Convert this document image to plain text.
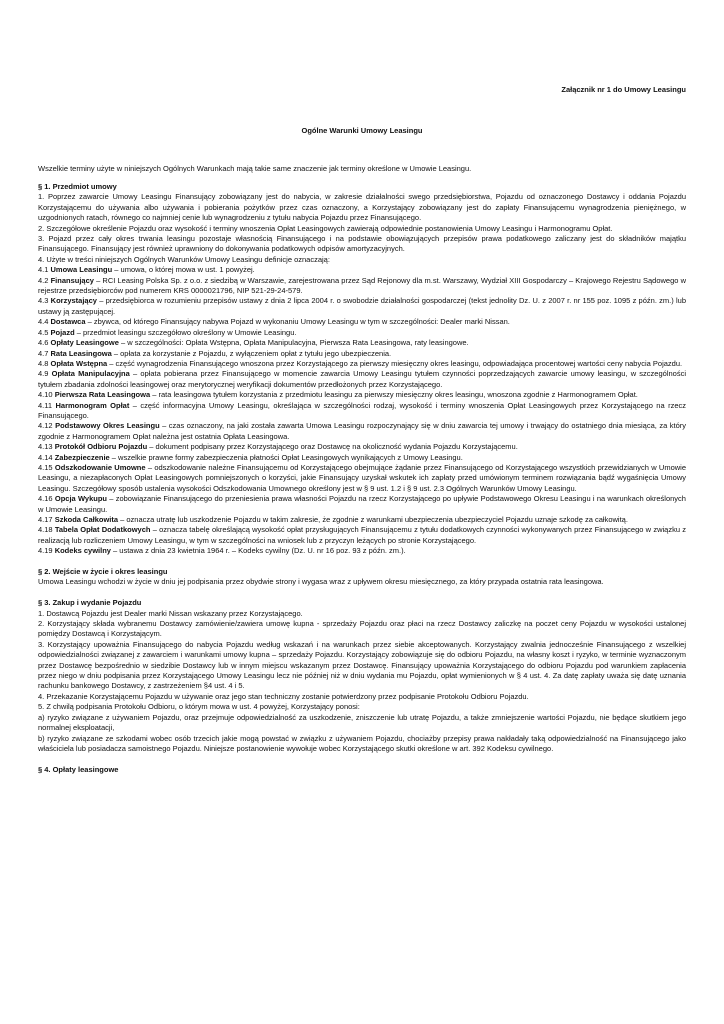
Załącznik nr 1 do Umowy Leasingu
Ogólne Warunki Umowy Leasingu
Wszelkie terminy użyte w niniejszych Ogólnych Warunkach mają takie same znaczenie jak terminy określone w Umowie Leasingu.

§ 1. Przedmiot umowy

1. Poprzez zawarcie Umowy Leasingu Finansujący zobowiązany jest do nabycia, w zakresie działalności swego przedsiębiorstwa, Pojazdu od oznaczonego Dostawcy i oddania Pojazdu Korzystającemu do używania albo używania i pobierania pożytków przez czas oznaczony, a Korzystający zobowiązany jest do zapłaty Finansującemu wynagrodzenia pieniężnego, w uzgodnionych ratach, równego co najmniej cenie lub wynagrodzeniu z tytułu nabycia Pojazdu przez Finansującego.

2. Szczegółowe określenie Pojazdu oraz wysokość i terminy wnoszenia Opłat Leasingowych zawierają odpowiednie postanowienia Umowy Leasingu i Harmonogramu Opłat.

3. Pojazd przez cały okres trwania leasingu pozostaje własnością Finansującego i na podstawie obowiązujących przepisów prawa podatkowego zaliczany jest do składników majątku Finansującego. Finansujący jest również uprawniony do dokonywania podatkowych odpisów amortyzacyjnych.

4. Użyte w treści niniejszych Ogólnych Warunków Umowy Leasingu definicje oznaczają:

4.1 Umowa Leasingu – umowa, o której mowa w ust. 1 powyżej.

4.2 Finansujący – RCI Leasing Polska Sp. z o.o. z siedzibą w Warszawie, zarejestrowana przez Sąd Rejonowy dla m.st. Warszawy, Wydział XIII Gospodarczy – Krajowego Rejestru Sądowego w rejestrze przedsiębiorców pod numerem KRS 0000021796, NIP 521-29-24-579.

4.3 Korzystający – przedsiębiorca w rozumieniu przepisów ustawy z dnia 2 lipca 2004 r. o swobodzie działalności gospodarczej (tekst jednolity Dz. U. z 2007 r. nr 155 poz. 1095 z późn. zm.) lub ustawy ją zastępującej.

4.4 Dostawca – zbywca, od którego Finansujący nabywa Pojazd w wykonaniu Umowy Leasingu w tym w szczególności: Dealer marki Nissan.

4.5 Pojazd – przedmiot leasingu szczegółowo określony w Umowie Leasingu.

4.6 Opłaty Leasingowe – w szczególności: Opłata Wstępna, Opłata Manipulacyjna, Pierwsza Rata Leasingowa, raty leasingowe.

4.7 Rata Leasingowa – opłata za korzystanie z Pojazdu, z wyłączeniem opłat z tytułu jego ubezpieczenia.

4.8 Opłata Wstępna – część wynagrodzenia Finansującego wnoszona przez Korzystającego za pierwszy miesięczny okres leasingu, odpowiadająca procentowej wartości ceny nabycia Pojazdu.

4.9 Opłata Manipulacyjna – opłata pobierana przez Finansującego w momencie zawarcia Umowy Leasingu tytułem czynności poprzedzających zawarcie umowy leasingu, w szczególności tytułem zbadania zdolności leasingowej oraz merytorycznej weryfikacji dokumentów przedłożonych przez Korzystającego.

4.10 Pierwsza Rata Leasingowa – rata leasingowa tytułem korzystania z przedmiotu leasingu za pierwszy miesięczny okres leasingu, wnoszona zgodnie z Harmonogramem Opłat.

4.11 Harmonogram Opłat – część informacyjna Umowy Leasingu, określająca w szczególności rodzaj, wysokość i terminy wnoszenia Opłat Leasingowych przez Korzystającego na rzecz Finansującego.

4.12 Podstawowy Okres Leasingu – czas oznaczony, na jaki została zawarta Umowa Leasingu rozpoczynający się w dniu zawarcia tej umowy i trwający do ostatniego dnia miesiąca, za który zgodnie z Harmonogramem Opłat należna jest ostatnia Opłata Leasingowa.

4.13 Protokół Odbioru Pojazdu – dokument podpisany przez Korzystającego oraz Dostawcę na okoliczność wydania Pojazdu Korzystającemu.

4.14 Zabezpieczenie – wszelkie prawne formy zabezpieczenia płatności Opłat Leasingowych wynikających z Umowy Leasingu.

4.15 Odszkodowanie Umowne – odszkodowanie należne Finansującemu od Korzystającego obejmujące żądanie przez Finansującego od Korzystającego wszystkich przewidzianych w Umowie Leasingu, a niezapłaconych Opłat Leasingowych pomniejszonych o korzyści, jakie Finansujący uzyskał wskutek ich zapłaty przed umówionym terminem rozwiązania bądź wygaśnięcia Umowy Leasingu. Szczegółowy sposób ustalenia wysokości Odszkodowania Umownego określony jest w § 9 ust. 1.2 i § 9 ust. 2.3 Ogólnych Warunków Umowy Leasingu.

4.16 Opcja Wykupu – zobowiązanie Finansującego do przeniesienia prawa własności Pojazdu na rzecz Korzystającego po upływie Podstawowego Okresu Leasingu i na warunkach określonych w Umowie Leasingu.

4.17 Szkoda Całkowita – oznacza utratę lub uszkodzenie Pojazdu w takim zakresie, że zgodnie z warunkami ubezpieczenia ubezpieczyciel Pojazdu uznaje szkodę za całkowitą.

4.18 Tabela Opłat Dodatkowych – oznacza tabelę określającą wysokość opłat przysługujących Finansującemu z tytułu dodatkowych czynności wykonywanych przez Finansującego w związku z realizacją lub rozliczeniem Umowy Leasingu, w tym w szczególności na wniosek lub z przyczyn leżących po stronie Korzystającego.

4.19 Kodeks cywilny – ustawa z dnia 23 kwietnia 1964 r. – Kodeks cywilny (Dz. U. nr 16 poz. 93 z późn. zm.).

§ 2. Wejście w życie i okres leasingu

Umowa Leasingu wchodzi w życie w dniu jej podpisania przez obydwie strony i wygasa wraz z upływem okresu miesięcznego, za który przypada ostatnia rata leasingowa.

§ 3. Zakup i wydanie Pojazdu

1. Dostawcą Pojazdu jest Dealer marki Nissan wskazany przez Korzystającego.

2. Korzystający składa wybranemu Dostawcy zamówienie/zawiera umowę kupna - sprzedaży Pojazdu oraz płaci na rzecz Dostawcy zaliczkę na poczet ceny Pojazdu w wysokości ustalonej pomiędzy Dostawcą i Korzystającym.

3. Korzystający upoważnia Finansującego do nabycia Pojazdu według wskazań i na warunkach przez siebie akceptowanych. Korzystający zwalnia jednocześnie Finansującego z wszelkiej odpowiedzialności związanej z zawarciem i warunkami umowy kupna – sprzedaży Pojazdu. Korzystający zobowiązuje się do odbioru Pojazdu, na własny koszt i ryzyko, w terminie wyznaczonym przez Dostawcę bezpośrednio w siedzibie Dostawcy lub w innym miejscu wskazanym przez Dostawcę. Finansujący upoważnia Korzystającego do odbioru Pojazdu pod warunkiem zapłacenia przez niego w dniu podpisania przez Korzystającego Umowy Leasingu lecz nie później niż w dniu wydania mu Pojazdu, opłat wymienionych w § 4 ust. 4. Za datę zapłaty uważa się datę uznania rachunku bankowego Dostawcy, z zastrzeżeniem §4 ust. 4 i 5.

4. Przekazanie Korzystającemu Pojazdu w używanie oraz jego stan techniczny zostanie potwierdzony przez podpisanie Protokołu Odbioru Pojazdu.

5. Z chwilą podpisania Protokołu Odbioru, o którym mowa w ust. 4 powyżej, Korzystający ponosi:

a) ryzyko związane z używaniem Pojazdu, oraz przejmuje odpowiedzialność za uszkodzenie, zniszczenie lub utratę Pojazdu, a także zmniejszenie wartości Pojazdu, nie będące skutkiem jego normalnej eksploatacji,

b) ryzyko związane ze szkodami wobec osób trzecich jakie mogą powstać w związku z używaniem Pojazdu, chociażby przepisy prawa nakładały taką odpowiedzialność na Finansującego jako właściciela lub posiadacza samoistnego Pojazdu. Niniejsze postanowienie wywołuje wobec Korzystającego skutki określone w art. 392 Kodeksu cywilnego.

§ 4. Opłaty leasingowe
